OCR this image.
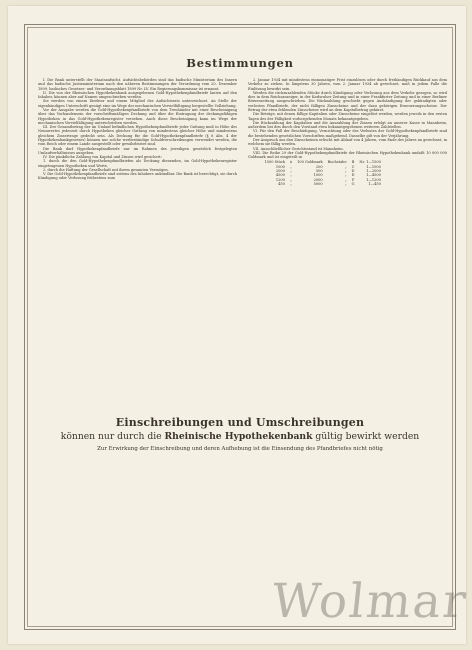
Bestimmungen

I. Die Bank unterstellt der Staatsaufsicht. Aufsichtsbehörden sind das badische Ministerium des Innern und das badische Justizministerium nach den näheren Bestimmungen der Verordnung vom 20. Dezember 1899, badisches Gesetzes- und Verordnungsblatt 1899 Nr. LV. Ein Regierungskommissar ist ernannt.

II. Die von der Rheinischen Hypothekenbank ausgegebenen Gold-Hypothekenpfandbriefe lauten auf den Inhaber, können aber auf Namen umgeschrieben werden.

Sie werden von einem Direktor und einem Mitglied des Aufsichtsrats unterzeichnet. An Stelle der eigenhändigen Unterschrift genügt eine im Wege der mechanischen Vervielfältigung hergestellte Vollziehung.

Vor der Ausgabe werden die Gold-Hypothekenpfandbriefe von dem Treuhänder mit einer Bescheinigung über das Vorhandensein der vorschriftsmäßigen Deckung und über die Eintragung der deckungsfähigen Hypotheken in das Gold-Hypothekenregister versehen. Auch diese Bescheinigung kann im Wege der mechanischen Vervielfältigung unterschrieben werden.

III. Der Gesamtbetrag der im Umlauf befindlichen Hypothekenpfandbriefe jeder Gattung muß in Höhe des Nennwertes jederzeit durch Hypotheken gleicher Gattung von mindestens gleicher Höhe und mindestens gleichem Zinsertrage gedeckt sein. Als Deckung für die Gold-Hypothekenpfandbriefe (§ 6 Abs. 4 der Hypothekenbankgesetzes) können nur solche werbeständige Schuldverschreibungen verwendet werden, die vom Reich oder einem Lande ausgestellt oder gewährleistet sind.

Die Bank darf Hypothekenpfandbriefe nur im Rahmen des jeweiligen gesetzlich festgelegten Umlaufverhältnisses ausgeben.

IV. Die pünktliche Zahlung von Kapital und Zinsen wird gesichert:

1. durch die den Gold-Hypothekenpfandbriefen als Deckung dienenden, im Gold-Hypothekenregister eingetragenen Hypotheken und Werte,

2. durch die Haftung der Gesellschaft mit ihrem gesamten Vermögen.

V. Die Gold-Hypothekenpfandbriefe sind seitens des Inhabers unkündbar. Die Bank ist berechtigt, sie durch Kündigung oder Verlosung frühestens zum

2. Januar 1934 mit mindestens einmonatiger Frist einzulösen oder durch freihändigen Rückkauf aus dem Verkehr zu ziehen. In längstens 30 Jahren, vom 2. Januar 1934 ab gerechnet, muß in jedem Falle die Einlösung bewirkt sein.

Werden die rückzuzahlenden Stücke durch Kündigung oder Verlosung aus dem Verkehr gezogen, so wird dies in dem Reichsanzeiger, in der Karlsruher Zeitung und in einer Frankfurter Zeitung und in einer Berliner Börsenzeitung ausgeschrieben. Die Rückzahlung geschieht gegen Aushändigung der gekündigten oder verlosten Pfandbriefe, der nicht fälligen Zinsscheine und der dazu gehörigen Erneuerungsscheine. Der Betrag der etwa fehlenden Zinsscheine wird an dem Kapitalbetrag gekürzt.

Die Beträge, mit denen fällige Kapitalien oder Zinsscheine eingelöst werden, werden jeweils in den ersten Tagen des der Fälligkeit vorhergehenden Monats bekanntgegeben.

Die Rückzahlung der Kapitalien und die Auszahlung der Zinsen erfolgt an unserer Kasse in Mannheim, außerdem bei den durch den Vorstand etwa bekanntgegebenen weiteren Zahlstellen.

VI. Für den Fall der Beschädigung, Vernichtung oder des Verlustes der Gold-Hypothekenpfandbriefe sind die bestehenden gesetzlichen Vorschriften maßgebend. Dasselbe gilt von der Verjährung.

Der Anspruch aus den Zinsscheinen erlischt mit Ablauf von 4 Jahren, vom Ende des Jahres an gerechnet, in welchem sie fällig werden.

VII. Ausschließlicher Gerichtsstand ist Mannheim.

VIII. Die Reihe 29 der Gold-Hypothekenpfandbriefe der Rheinischen Hypothekenbank umfaßt 10 000 000 Goldmark und ist eingeteilt in

1500 Stück	à	100 Goldmark	Buchstabe	B	Nr. 1—1500
1000	„	200	„	C	1—1000
2000	„	500	„	D	1—2000
4500	„	1000	„	E	1—4500
1200	„	2000	„	F	1—1200
450	„	5000	„	G	1—450
Einschreibungen und Umschreibungen
können nur durch die Rheinische Hypothekenbank gültig bewirkt werden
Zur Erwirkung der Einschreibung und deren Aufhebung ist die Einsendung des Pfandbriefes nicht nötig
Wolmar
